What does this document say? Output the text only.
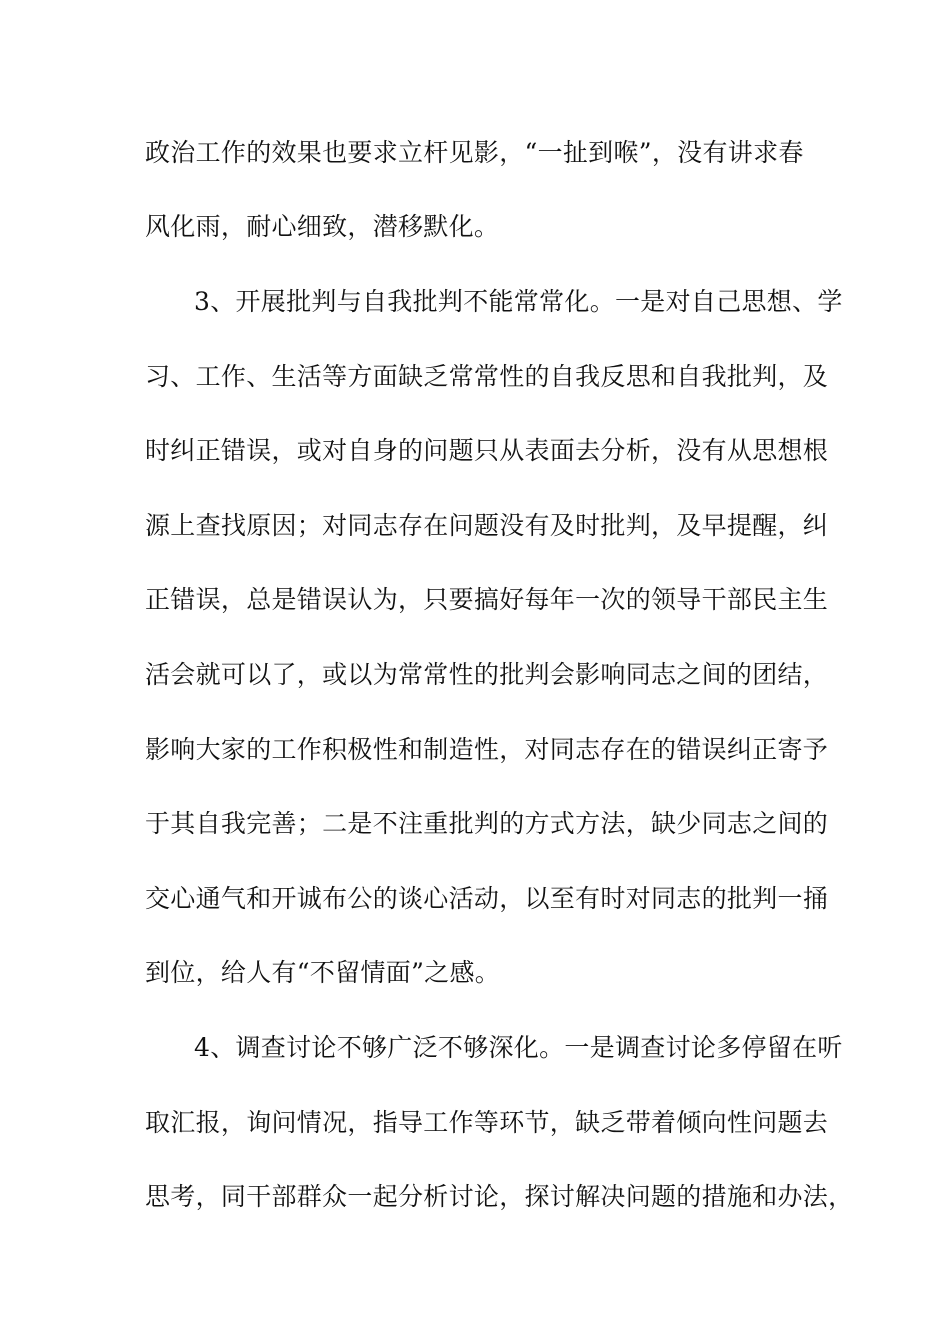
政治工作的效果也要求立杆见影，“一扯到喉”，没有讲求春
风化雨，耐心细致，潜移默化。
3、开展批判与自我批判不能常常化。一是对自己思想、学
习、工作、生活等方面缺乏常常性的自我反思和自我批判，及
时纠正错误，或对自身的问题只从表面去分析，没有从思想根
源上查找原因；对同志存在问题没有及时批判，及早提醒，纠
正错误，总是错误认为，只要搞好每年一次的领导干部民主生
活会就可以了，或以为常常性的批判会影响同志之间的团结，
影响大家的工作积极性和制造性，对同志存在的错误纠正寄予
于其自我完善；二是不注重批判的方式方法，缺少同志之间的
交心通气和开诚布公的谈心活动，以至有时对同志的批判一捅
到位，给人有“不留情面”之感。
4、调查讨论不够广泛不够深化。一是调查讨论多停留在听
取汇报，询问情况，指导工作等环节，缺乏带着倾向性问题去
思考，同干部群众一起分析讨论，探讨解决问题的措施和办法，
